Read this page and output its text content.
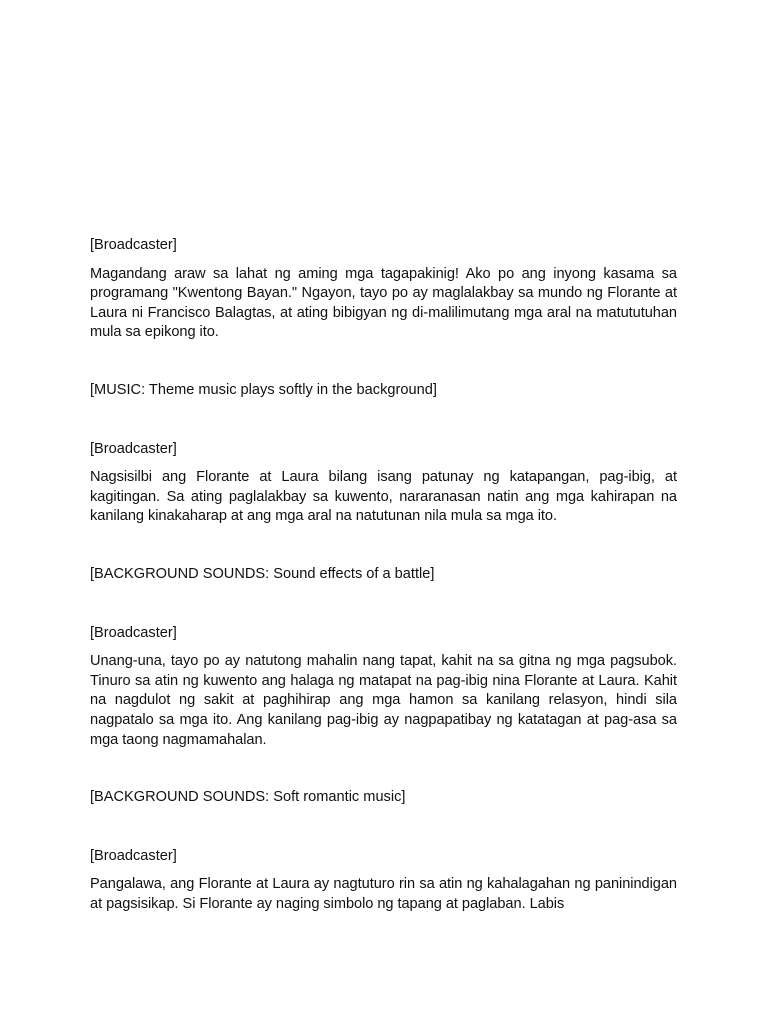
[Broadcaster]

Magandang araw sa lahat ng aming mga tagapakinig! Ako po ang inyong kasama sa programang "Kwentong Bayan." Ngayon, tayo po ay maglalakbay sa mundo ng Florante at Laura ni Francisco Balagtas, at ating bibigyan ng di-malilimutang mga aral na matututuhan mula sa epikong ito.

[MUSIC: Theme music plays softly in the background]

[Broadcaster]

Nagsisilbi ang Florante at Laura bilang isang patunay ng katapangan, pag-ibig, at kagitingan. Sa ating paglalakbay sa kuwento, nararanasan natin ang mga kahirapan na kanilang kinakaharap at ang mga aral na natutunan nila mula sa mga ito.

[BACKGROUND SOUNDS: Sound effects of a battle]

[Broadcaster]

Unang-una, tayo po ay natutong mahalin nang tapat, kahit na sa gitna ng mga pagsubok. Tinuro sa atin ng kuwento ang halaga ng matapat na pag-ibig nina Florante at Laura. Kahit na nagdulot ng sakit at paghihirap ang mga hamon sa kanilang relasyon, hindi sila nagpatalo sa mga ito. Ang kanilang pag-ibig ay nagpapatibay ng katatagan at pag-asa sa mga taong nagmamahalan.

[BACKGROUND SOUNDS: Soft romantic music]

[Broadcaster]

Pangalawa, ang Florante at Laura ay nagtuturo rin sa atin ng kahalagahan ng paninindigan at pagsisikap. Si Florante ay naging simbolo ng tapang at paglaban. Labis
